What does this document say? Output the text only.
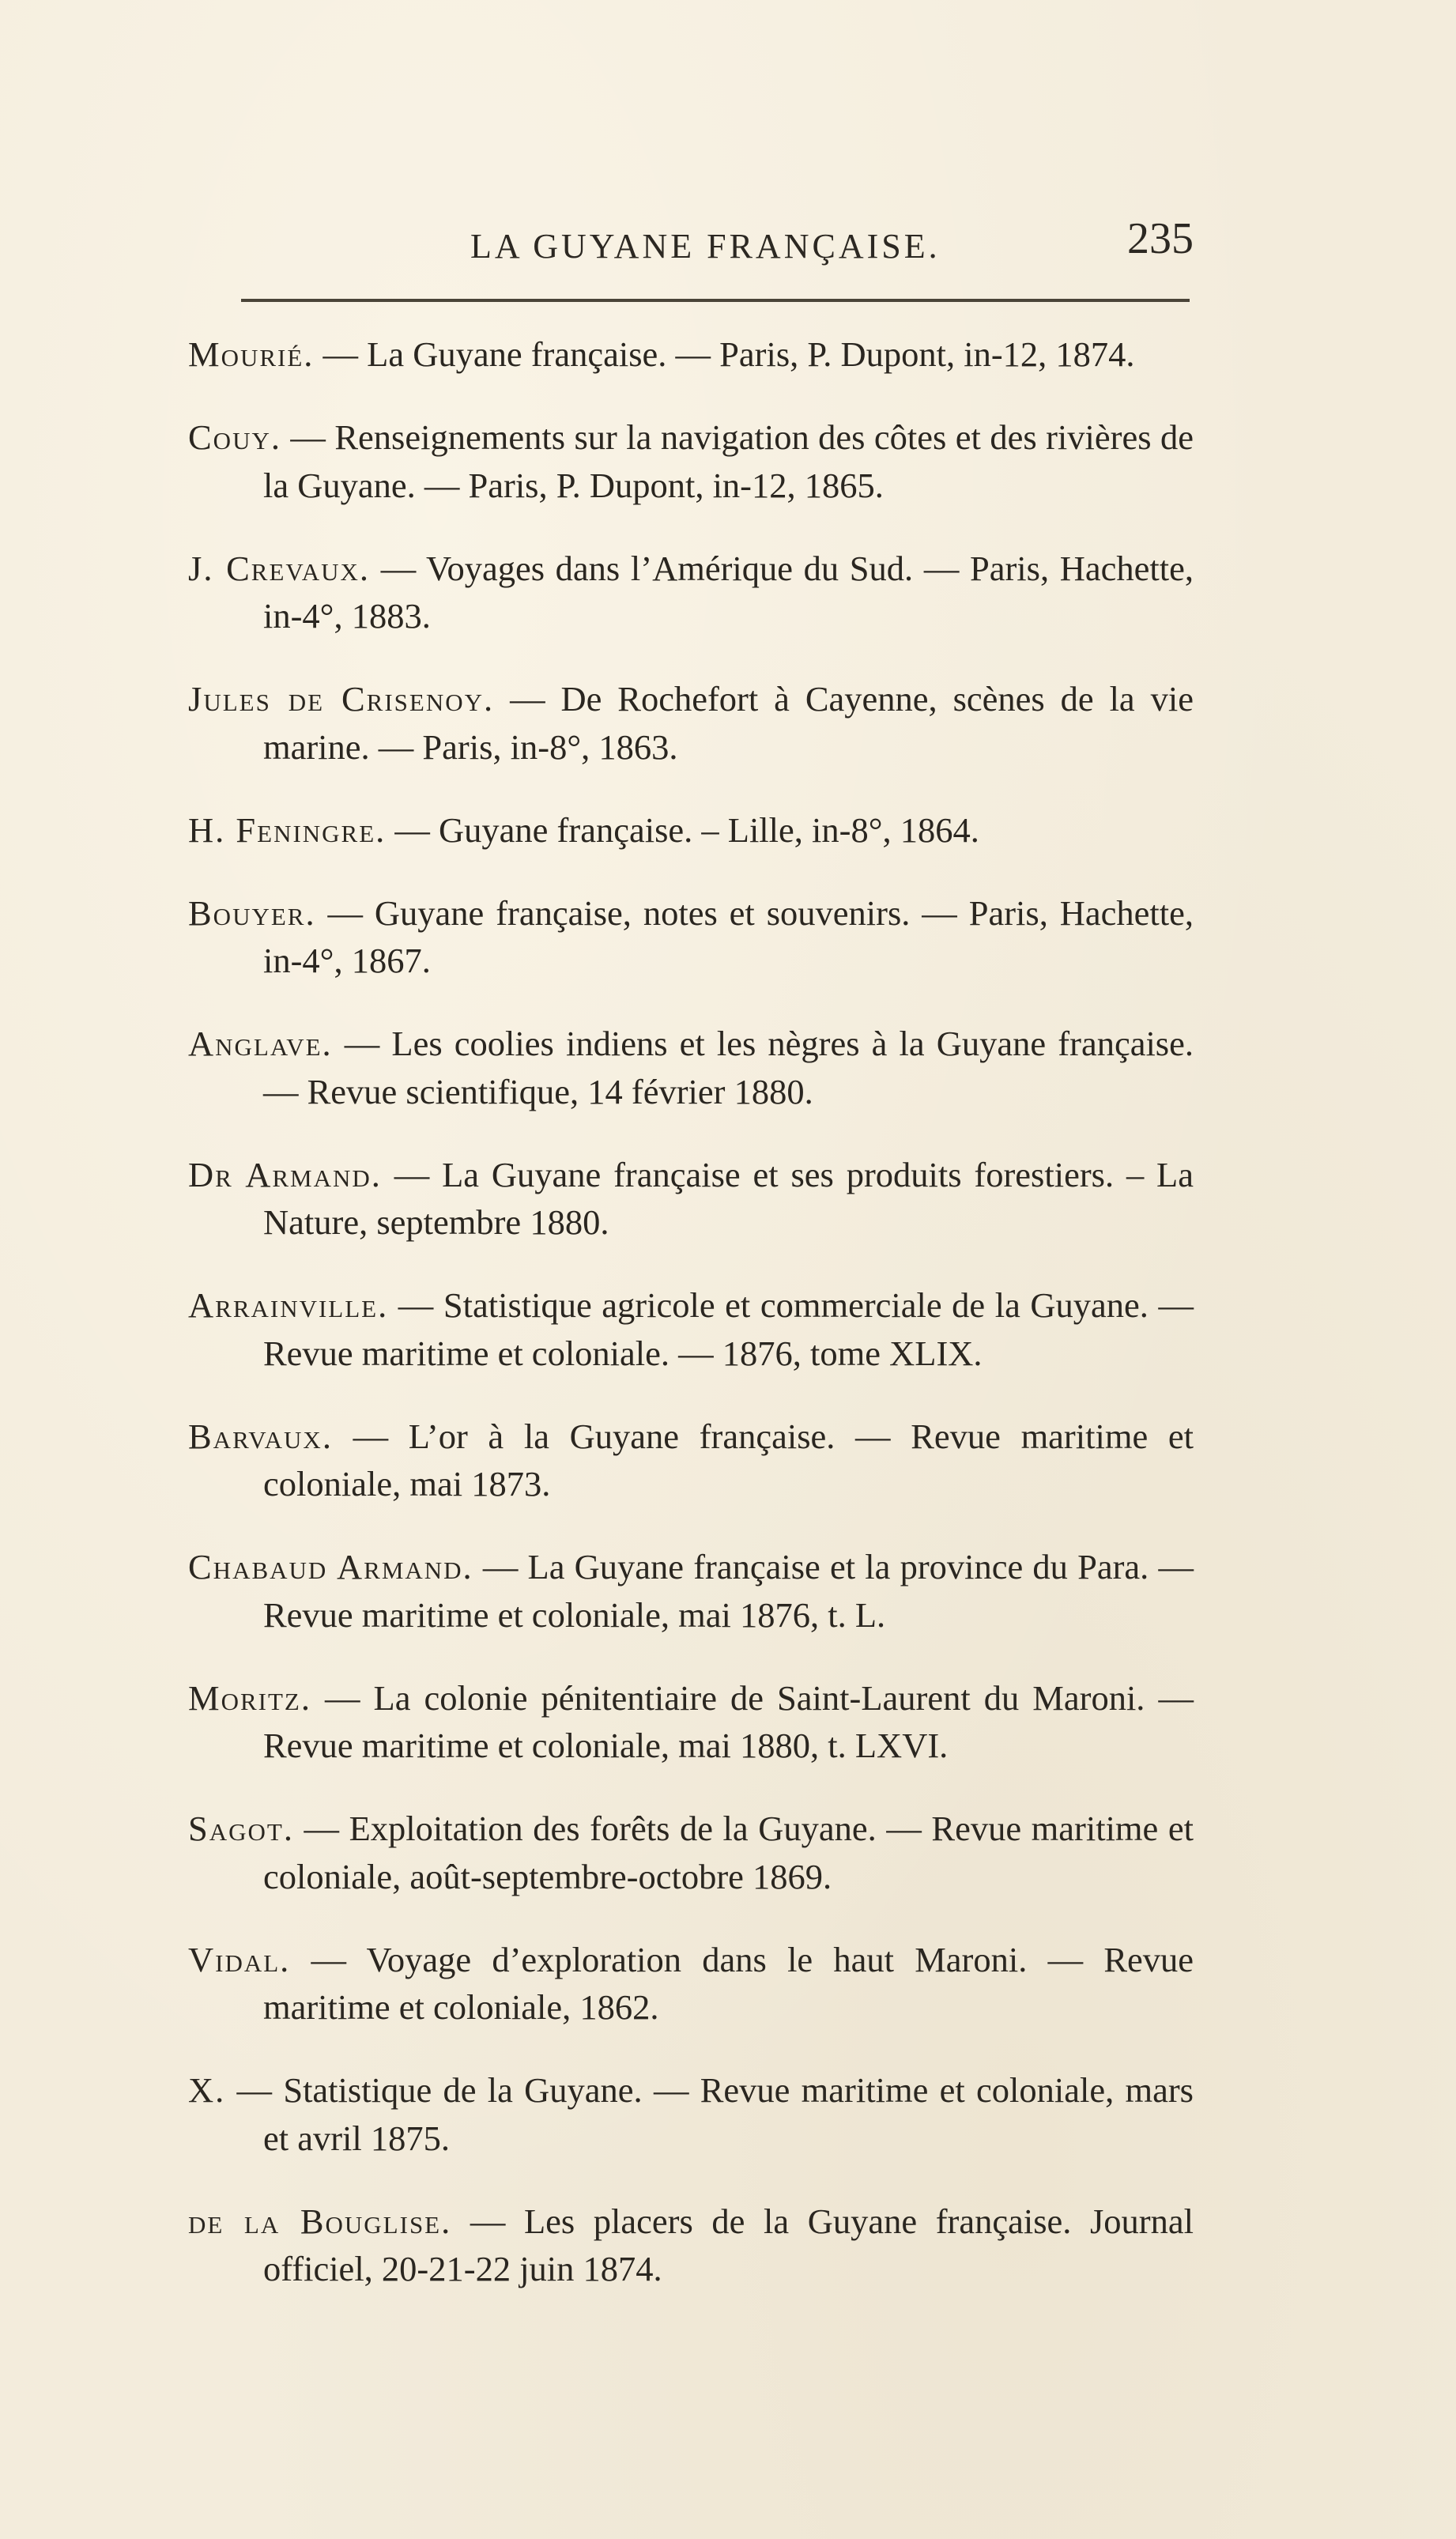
LA GUYANE FRANÇAISE.	235

Mourié. — La Guyane française. — Paris, P. Dupont, in-12, 1874.

Couy. — Renseignements sur la navigation des côtes et des rivières de la Guyane. — Paris, P. Dupont, in-12, 1865.

J. Crevaux. — Voyages dans l’Amérique du Sud. — Paris, Hachette, in-4°, 1883.

Jules de Crisenoy. — De Rochefort à Cayenne, scènes de la vie marine. — Paris, in-8°, 1863.

H. Feningre. — Guyane française. – Lille, in-8°, 1864.

Bouyer. — Guyane française, notes et souvenirs. — Paris, Hachette, in-4°, 1867.

Anglave. — Les coolies indiens et les nègres à la Guyane française. — Revue scientifique, 14 février 1880.

Dr Armand. — La Guyane française et ses produits forestiers. – La Nature, septembre 1880.

Arrainville. — Statistique agricole et commerciale de la Guyane. — Revue maritime et coloniale. — 1876, tome XLIX.

Barvaux. — L’or à la Guyane française. — Revue maritime et coloniale, mai 1873.

Chabaud Armand. — La Guyane française et la province du Para. — Revue maritime et coloniale, mai 1876, t. L.

Moritz. — La colonie pénitentiaire de Saint-Laurent du Maroni. — Revue maritime et coloniale, mai 1880, t. LXVI.

Sagot. — Exploitation des forêts de la Guyane. — Revue maritime et coloniale, août-septembre-octobre 1869.

Vidal. — Voyage d’exploration dans le haut Maroni. — Revue maritime et coloniale, 1862.

X. — Statistique de la Guyane. — Revue maritime et coloniale, mars et avril 1875.

de la Bouglise. — Les placers de la Guyane française. Journal officiel, 20-21-22 juin 1874.
